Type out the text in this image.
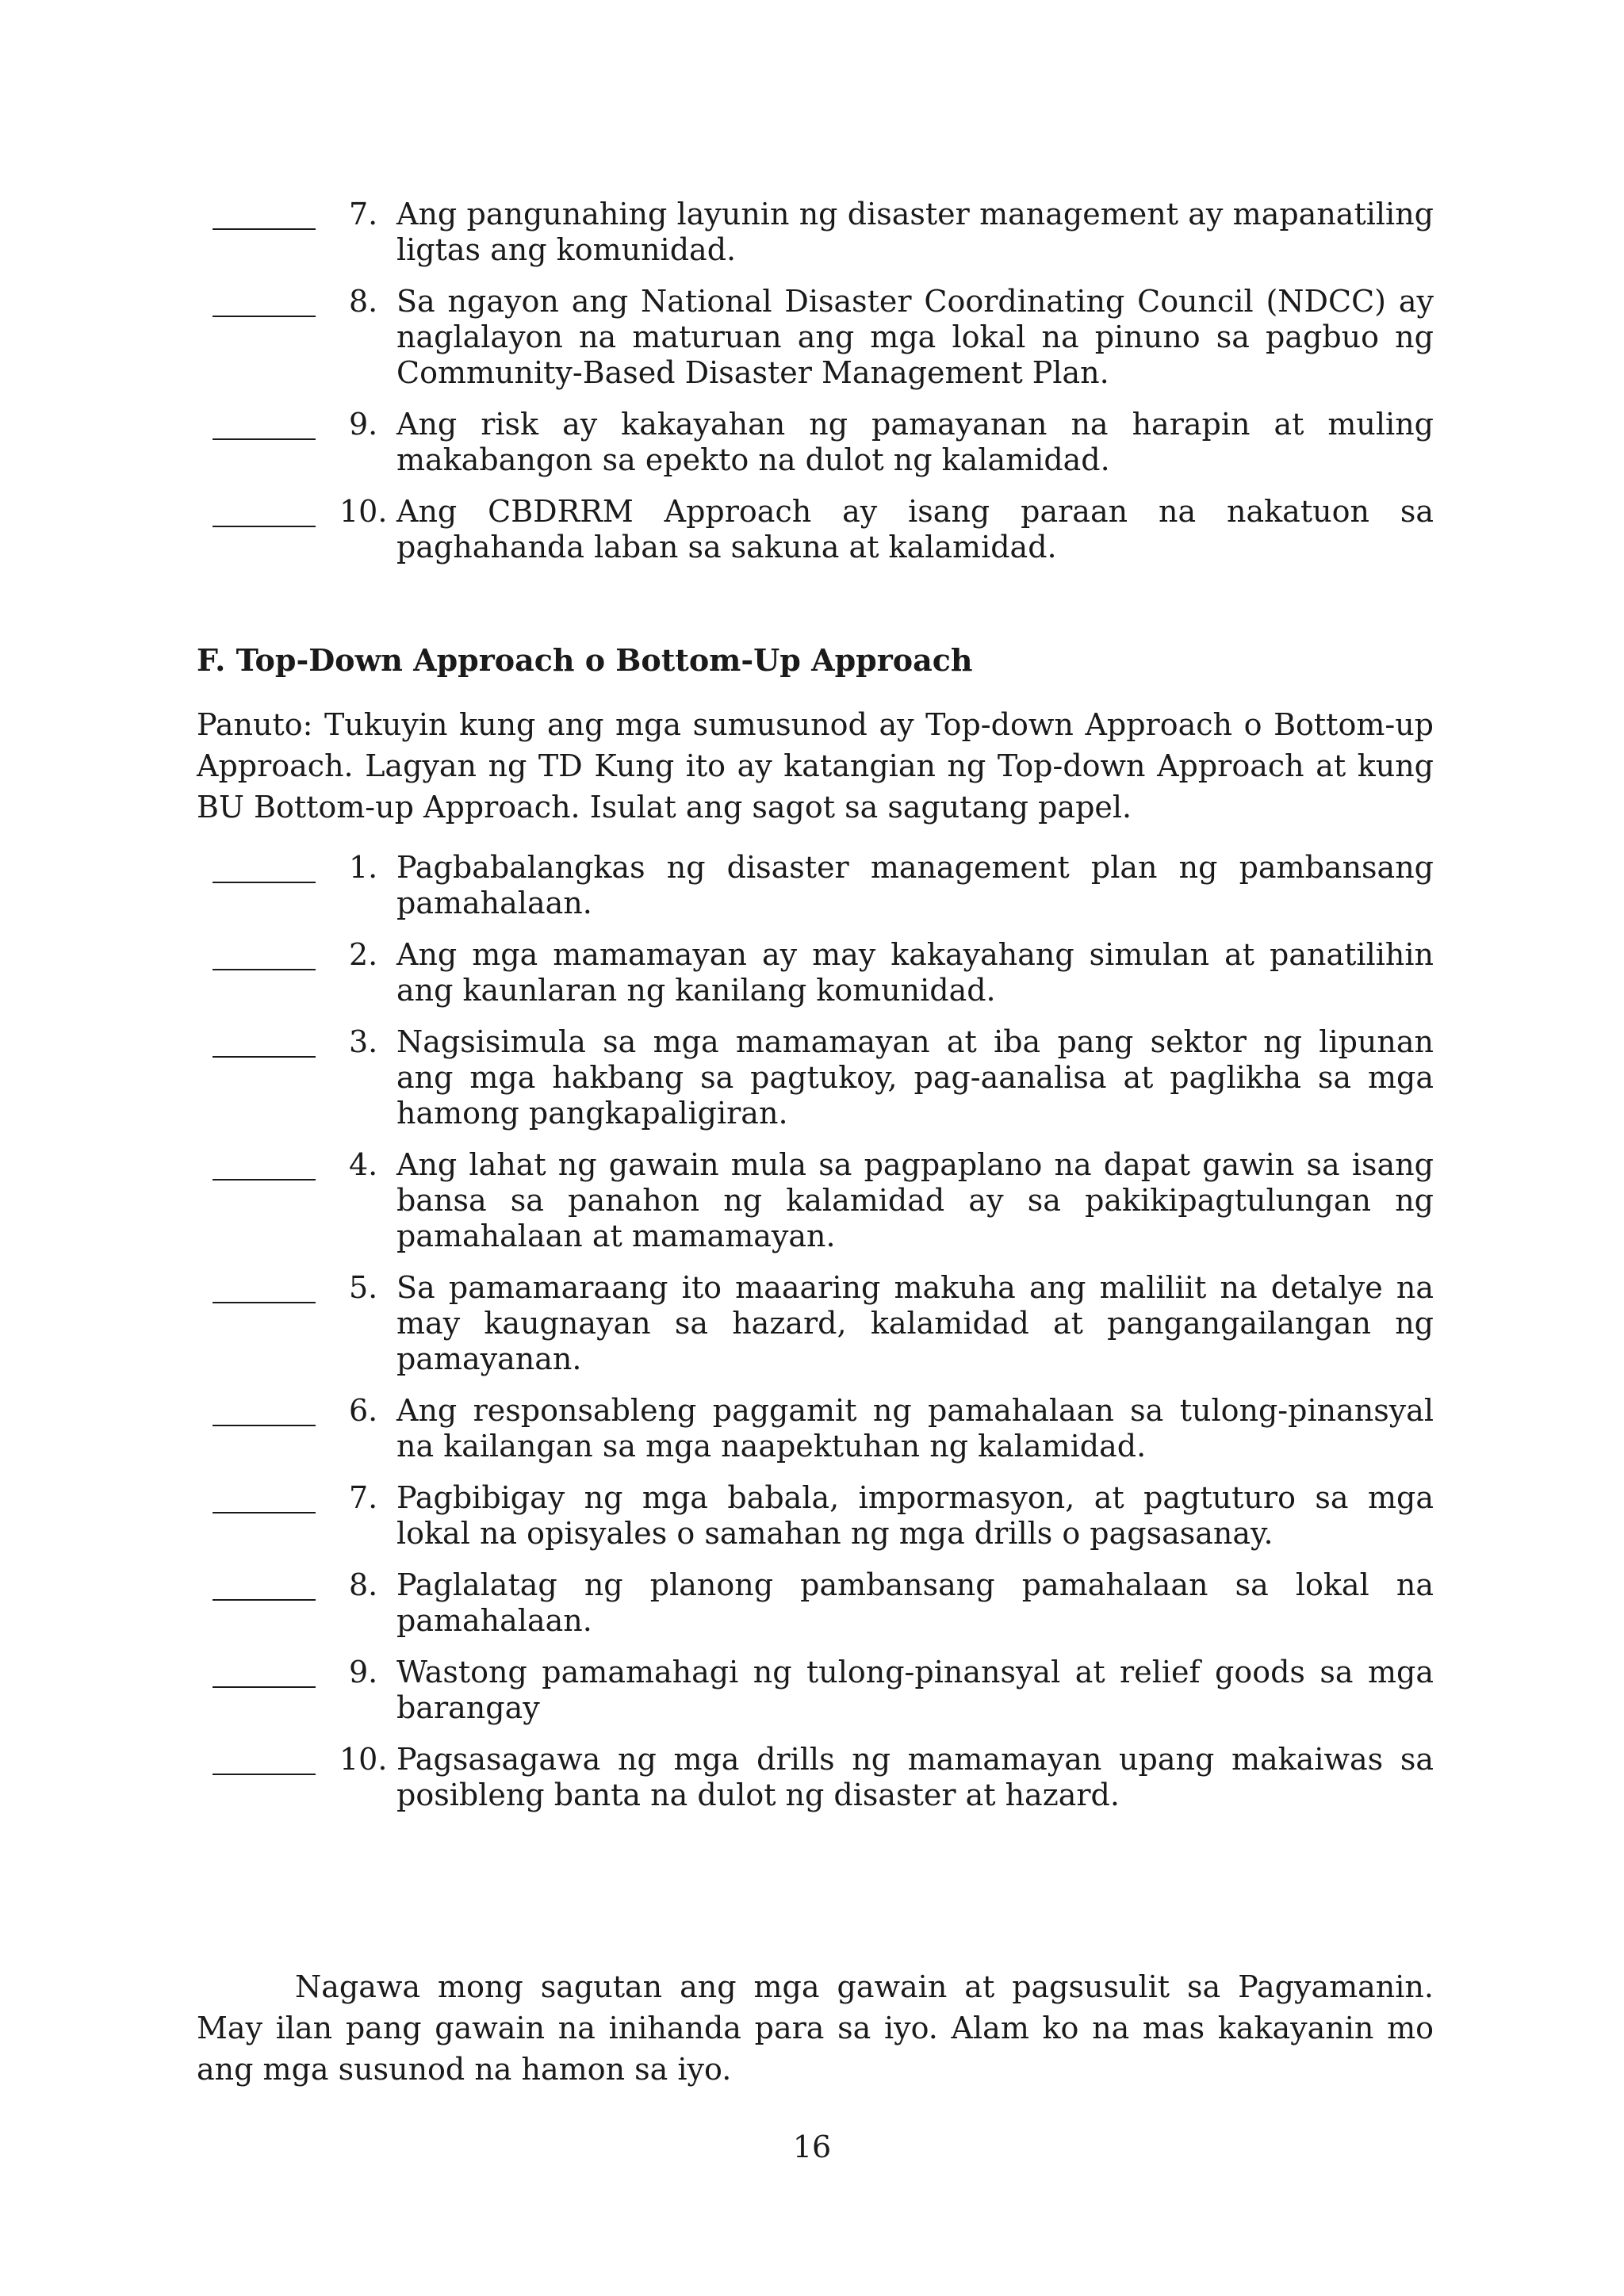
7. Ang pangunahing layunin ng disaster management ay mapanatiling ligtas ang komunidad.
8. Sa ngayon ang National Disaster Coordinating Council (NDCC) ay naglalayon na maturuan ang mga lokal na pinuno sa pagbuo ng Community-Based Disaster Management Plan.
9. Ang risk ay kakayahan ng pamayanan na harapin at muling makabangon sa epekto na dulot ng kalamidad.
10. Ang CBDRRM Approach ay isang paraan na nakatuon sa paghahanda laban sa sakuna at kalamidad.

F. Top-Down Approach o Bottom-Up Approach

Panuto: Tukuyin kung ang mga sumusunod ay Top-down Approach o Bottom-up Approach. Lagyan ng TD Kung ito ay katangian ng Top-down Approach at kung BU Bottom-up Approach. Isulat ang sagot sa sagutang papel.

1. Pagbabalangkas ng disaster management plan ng pambansang pamahalaan.
2. Ang mga mamamayan ay may kakayahang simulan at panatilihin ang kaunlaran ng kanilang komunidad.
3. Nagsisimula sa mga mamamayan at iba pang sektor ng lipunan ang mga hakbang sa pagtukoy, pag-aanalisa at paglikha sa mga hamong pangkapaligiran.
4. Ang lahat ng gawain mula sa pagpaplano na dapat gawin sa isang bansa sa panahon ng kalamidad ay sa pakikipagtulungan ng pamahalaan at mamamayan.
5. Sa pamamaraang ito maaaring makuha ang maliliit na detalye na may kaugnayan sa hazard, kalamidad at pangangailangan ng pamayanan.
6. Ang responsableng paggamit ng pamahalaan sa tulong-pinansyal na kailangan sa mga naapektuhan ng kalamidad.
7. Pagbibigay ng mga babala, impormasyon, at pagtuturo sa mga lokal na opisyales o samahan ng mga drills o pagsasanay.
8. Paglalatag ng planong pambansang pamahalaan sa lokal na pamahalaan.
9. Wastong pamamahagi ng tulong-pinansyal at relief goods sa mga barangay
10. Pagsasagawa ng mga drills ng mamamayan upang makaiwas sa posibleng banta na dulot ng disaster at hazard.

Nagawa mong sagutan ang mga gawain at pagsusulit sa Pagyamanin. May ilan pang gawain na inihanda para sa iyo. Alam ko na mas kakayanin mo ang mga susunod na hamon sa iyo.

16
